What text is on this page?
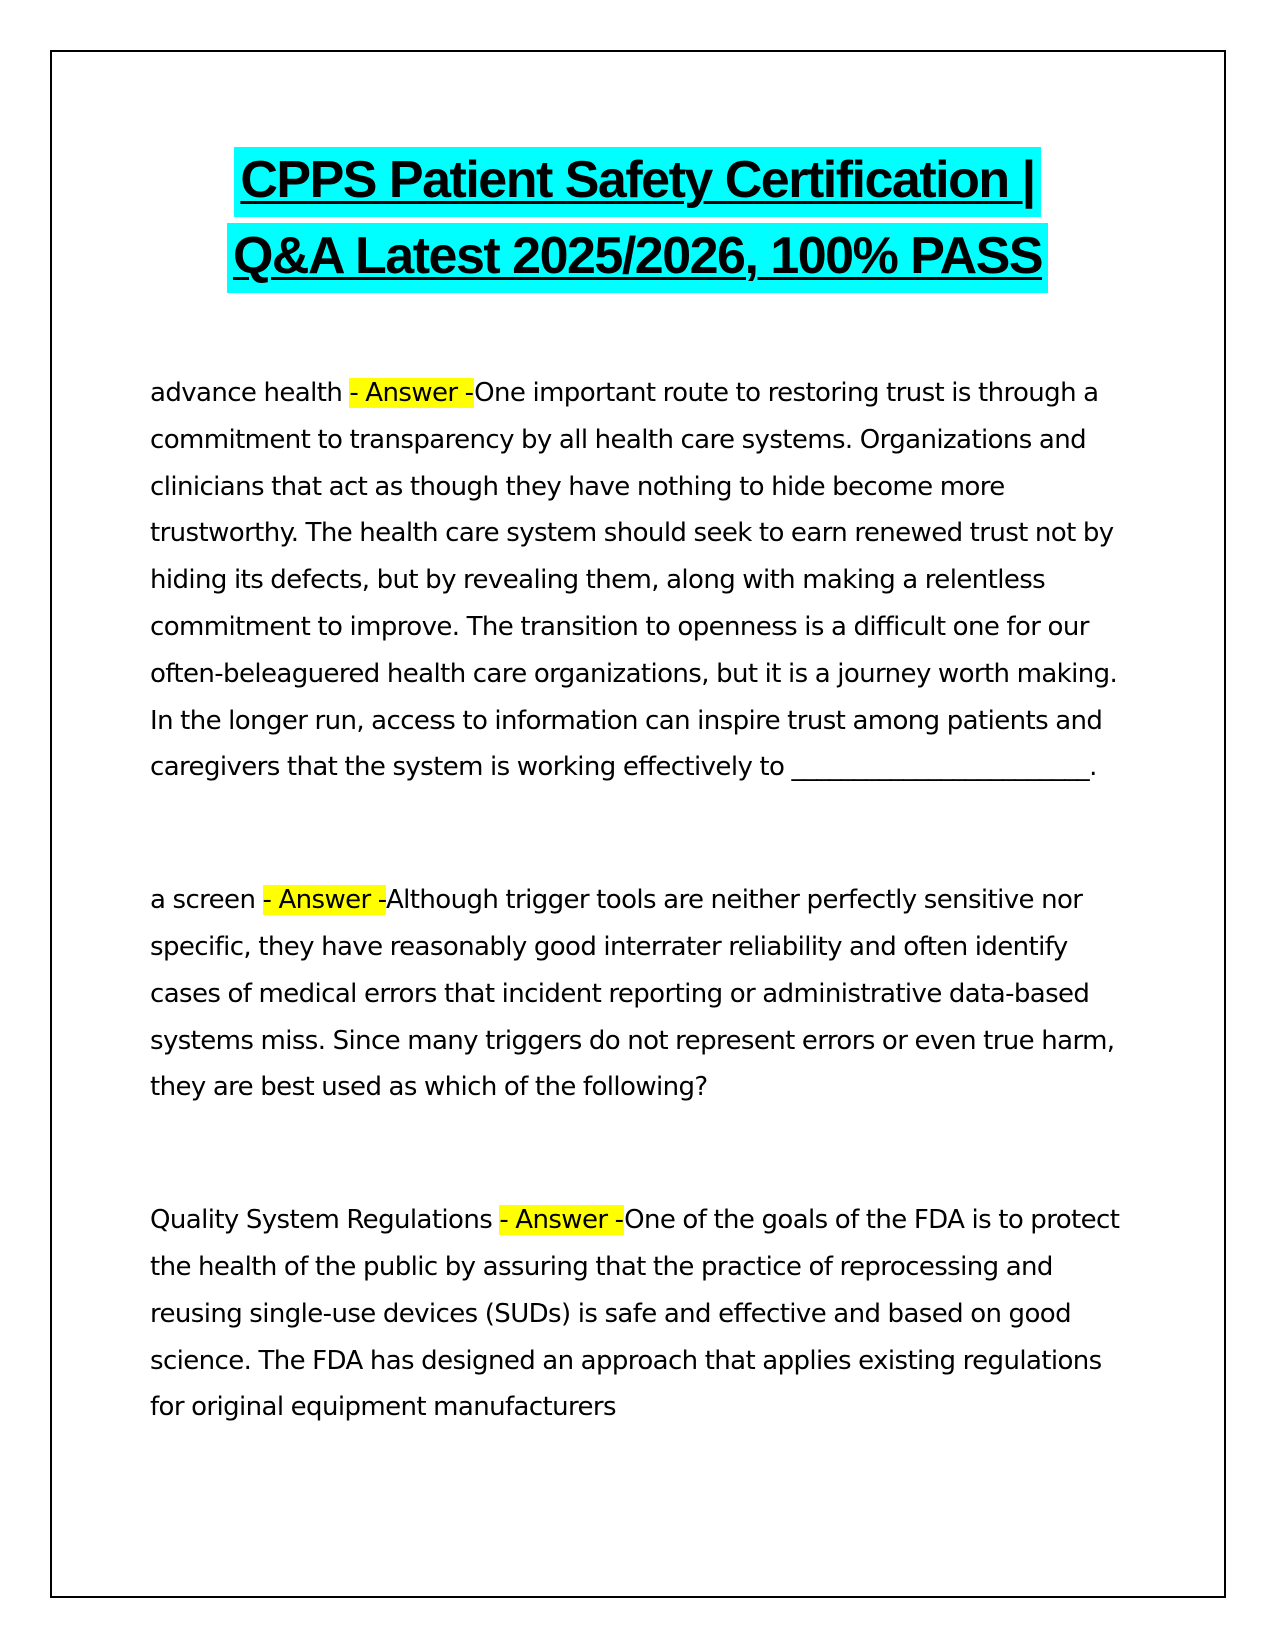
CPPS Patient Safety Certification |
Q&A Latest 2025/2026, 100% PASS

advance health - Answer -One important route to restoring trust is through a commitment to transparency by all health care systems. Organizations and clinicians that act as though they have nothing to hide become more trustworthy. The health care system should seek to earn renewed trust not by hiding its defects, but by revealing them, along with making a relentless commitment to improve. The transition to openness is a difficult one for our often-beleaguered health care organizations, but it is a journey worth making. In the longer run, access to information can inspire trust among patients and caregivers that the system is working effectively to ________________________.

a screen - Answer -Although trigger tools are neither perfectly sensitive nor specific, they have reasonably good interrater reliability and often identify cases of medical errors that incident reporting or administrative data-based systems miss. Since many triggers do not represent errors or even true harm, they are best used as which of the following?

Quality System Regulations - Answer -One of the goals of the FDA is to protect the health of the public by assuring that the practice of reprocessing and reusing single-use devices (SUDs) is safe and effective and based on good science. The FDA has designed an approach that applies existing regulations for original equipment manufacturers
